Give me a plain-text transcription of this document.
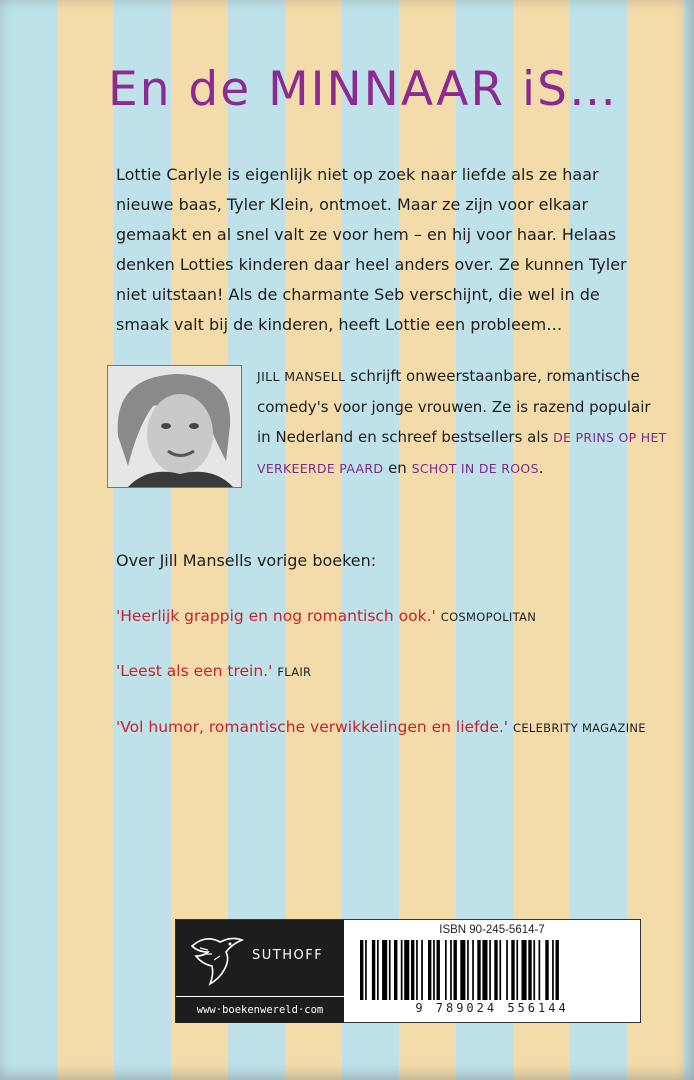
En de MINNAAR iS…

Lottie Carlyle is eigenlijk niet op zoek naar liefde als ze haar nieuwe baas, Tyler Klein, ontmoet. Maar ze zijn voor elkaar gemaakt en al snel valt ze voor hem – en hij voor haar. Helaas denken Lotties kinderen daar heel anders over. Ze kunnen Tyler niet uitstaan! Als de charmante Seb verschijnt, die wel in de smaak valt bij de kinderen, heeft Lottie een probleem…

JILL MANSELL schrijft onweerstaanbare, romantische comedy's voor jonge vrouwen. Ze is razend populair in Nederland en schreef bestsellers als DE PRINS OP HET VERKEERDE PAARD en SCHOT IN DE ROOS.

Over Jill Mansells vorige boeken:

'Heerlijk grappig en nog romantisch ook.' COSMOPOLITAN

'Leest als een trein.' FLAIR

'Vol humor, romantische verwikkelingen en liefde.' CELEBRITY MAGAZINE

SUTHOFF
www·boekenwereld·com
ISBN 90-245-5614-7
9 789024 556144
